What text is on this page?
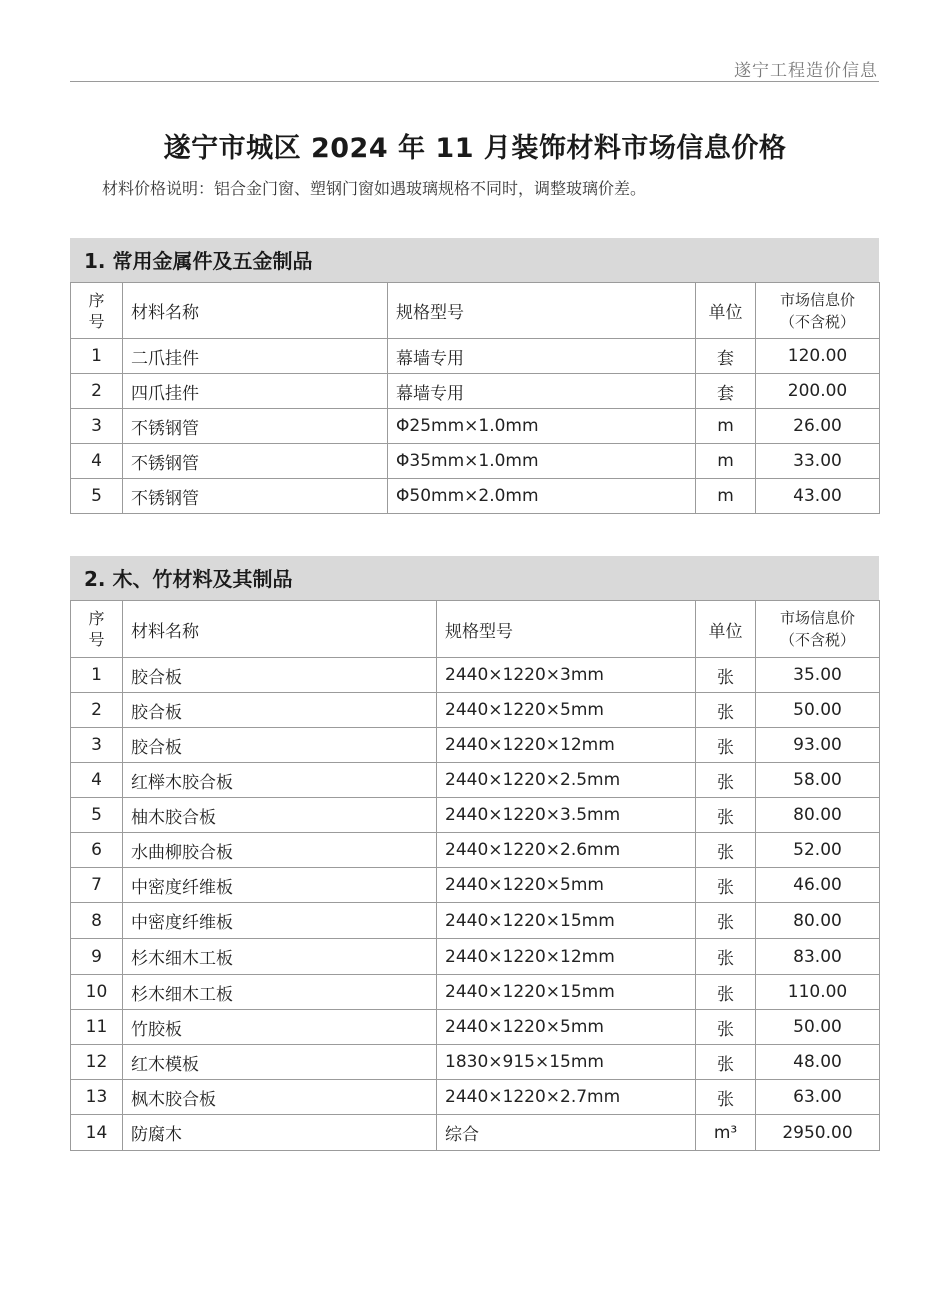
遂宁工程造价信息
遂宁市城区 2024 年 11 月装饰材料市场信息价格
材料价格说明：铝合金门窗、塑钢门窗如遇玻璃规格不同时，调整玻璃价差。
1. 常用金属件及五金制品
序
号	材料名称	规格型号	单位	市场信息价
（不含税）

1	二爪挂件	幕墙专用	套	120.00
2	四爪挂件	幕墙专用	套	200.00
3	不锈钢管	Φ25mm×1.0mm	m	26.00
4	不锈钢管	Φ35mm×1.0mm	m	33.00
5	不锈钢管	Φ50mm×2.0mm	m	43.00
2. 木、竹材料及其制品
序
号	材料名称	规格型号	单位	市场信息价
（不含税）

1	胶合板	2440×1220×3mm	张	35.00
2	胶合板	2440×1220×5mm	张	50.00
3	胶合板	2440×1220×12mm	张	93.00
4	红榉木胶合板	2440×1220×2.5mm	张	58.00
5	柚木胶合板	2440×1220×3.5mm	张	80.00
6	水曲柳胶合板	2440×1220×2.6mm	张	52.00
7	中密度纤维板	2440×1220×5mm	张	46.00
8	中密度纤维板	2440×1220×15mm	张	80.00
9	杉木细木工板	2440×1220×12mm	张	83.00
10	杉木细木工板	2440×1220×15mm	张	110.00
11	竹胶板	2440×1220×5mm	张	50.00
12	红木模板	1830×915×15mm	张	48.00
13	枫木胶合板	2440×1220×2.7mm	张	63.00
14	防腐木	综合	m³	2950.00
